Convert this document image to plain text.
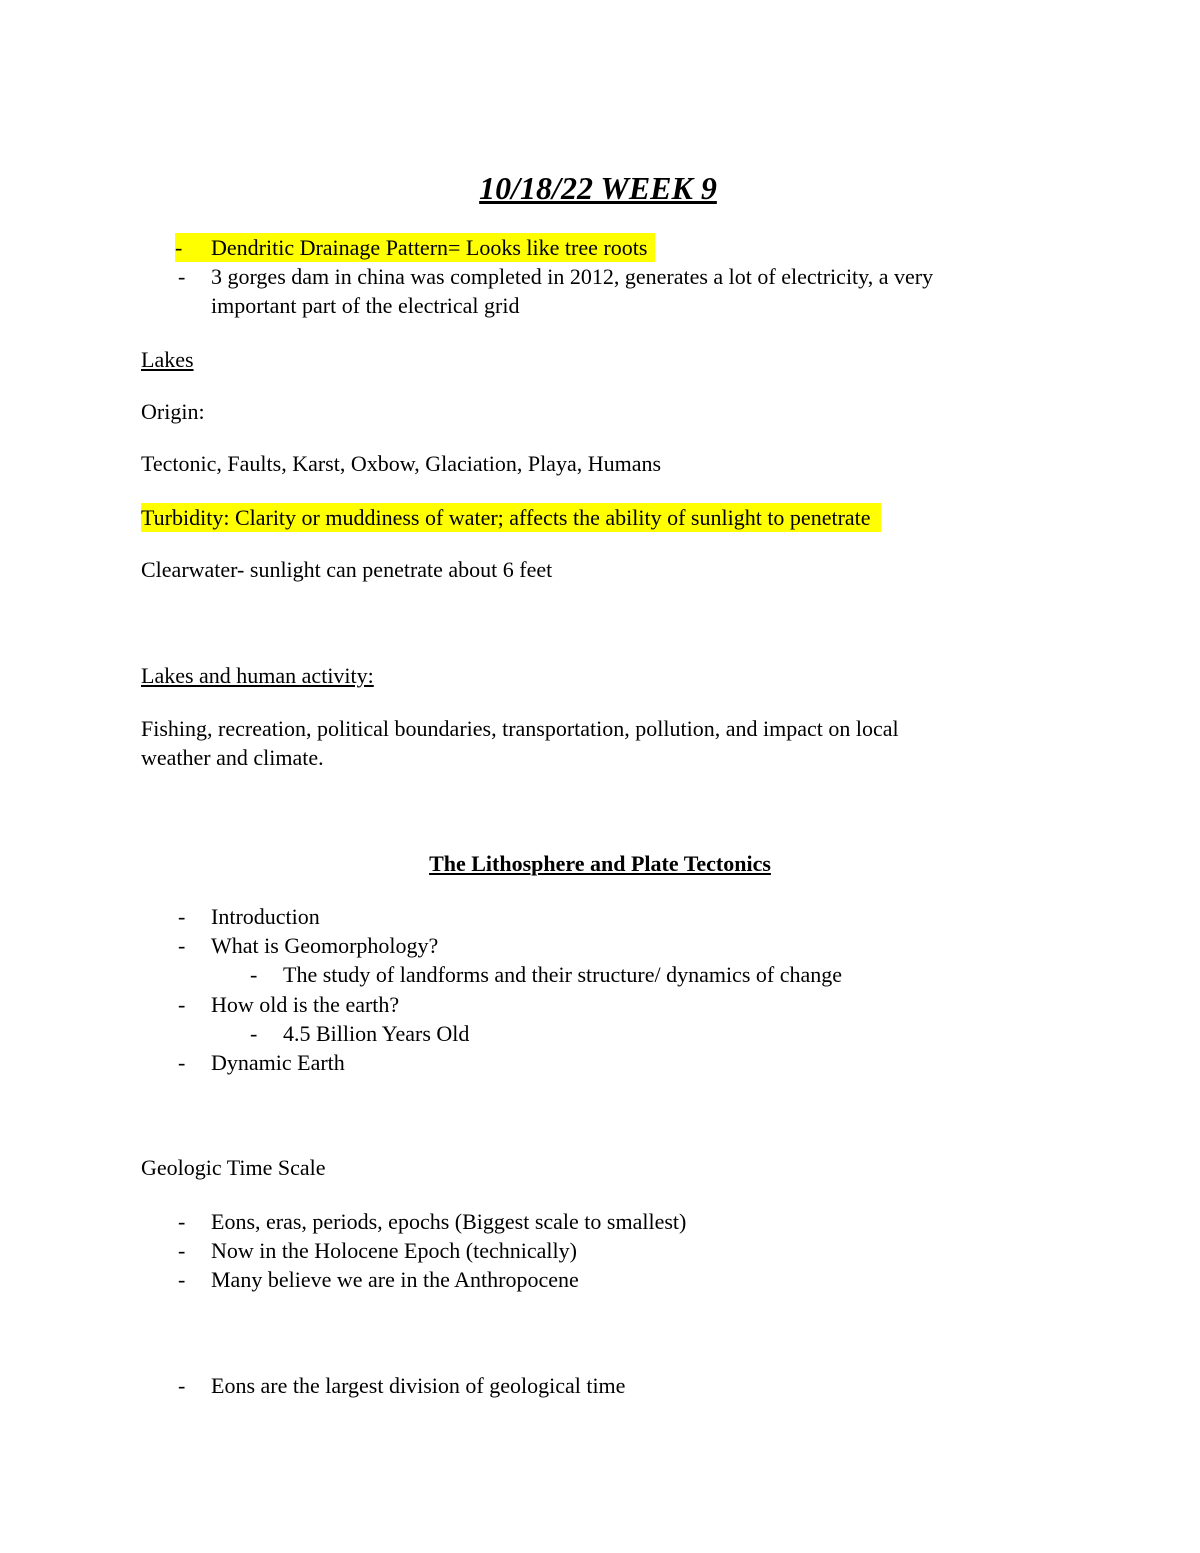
10/18/22 WEEK 9
-	Dendritic Drainage Pattern= Looks like tree roots
- 3 gorges dam in china was completed in 2012, generates a lot of electricity, a very
important part of the electrical grid
Lakes
Origin:
Tectonic, Faults, Karst, Oxbow, Glaciation, Playa, Humans
Turbidity: Clarity or muddiness of water; affects the ability of sunlight to penetrate
Clearwater- sunlight can penetrate about 6 feet
Lakes and human activity:
Fishing, recreation, political boundaries, transportation, pollution, and impact on local
weather and climate.
The Lithosphere and Plate Tectonics
- Introduction
- What is Geomorphology?
- The study of landforms and their structure/ dynamics of change
- How old is the earth?
- 4.5 Billion Years Old
- Dynamic Earth
Geologic Time Scale
- Eons, eras, periods, epochs (Biggest scale to smallest)
- Now in the Holocene Epoch (technically)
- Many believe we are in the Anthropocene
- Eons are the largest division of geological time
